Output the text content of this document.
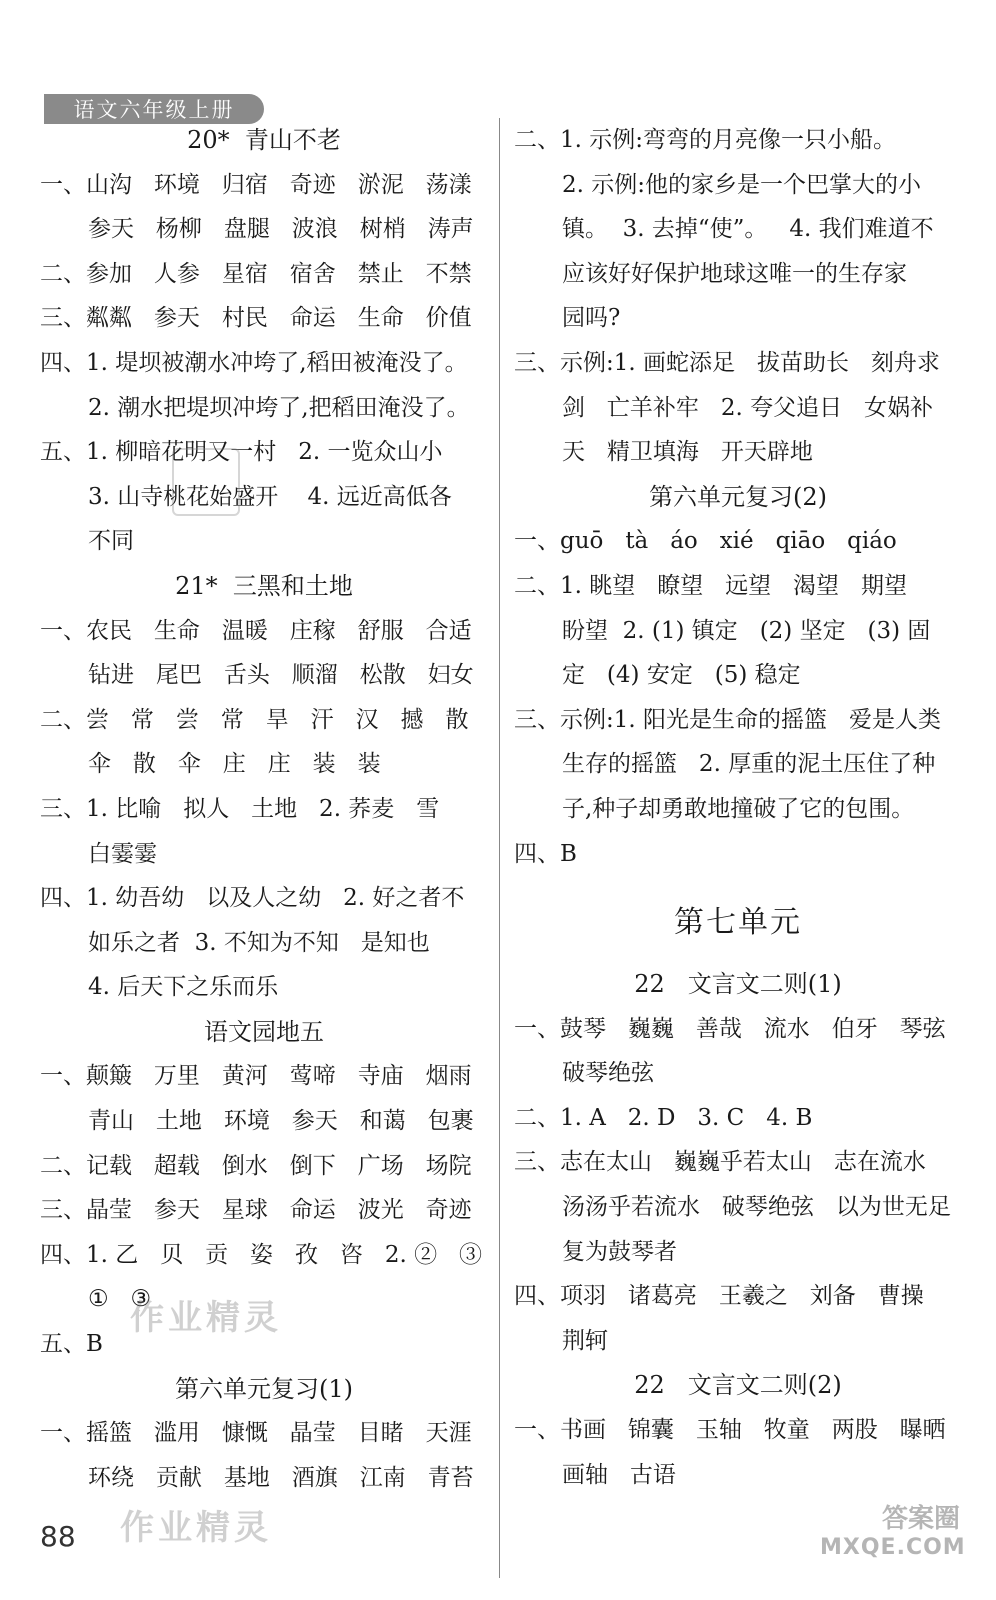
语文六年级上册
20*  青山不老
一、山沟   环境   归宿   奇迹   淤泥   荡漾
参天   杨柳   盘腿   波浪   树梢   涛声
二、参加   人参   星宿   宿舍   禁止   不禁
三、粼粼   参天   村民   命运   生命   价值
四、1. 堤坝被潮水冲垮了,稻田被淹没了。
2. 潮水把堤坝冲垮了,把稻田淹没了。
五、1. 柳暗花明又一村   2. 一览众山小
3. 山寺桃花始盛开    4. 远近高低各
不同
21*  三黑和土地
一、农民   生命   温暖   庄稼   舒服   合适
钻进   尾巴   舌头   顺溜   松散   妇女
二、尝   常   尝   常   旱   汗   汉   撼   散
伞   散   伞   庄   庄   装   装
三、1. 比喻   拟人   土地   2. 荞麦   雪
白霎霎
四、1. 幼吾幼   以及人之幼   2. 好之者不
如乐之者  3. 不知为不知   是知也
4. 后天下之乐而乐
语文园地五
一、颠簸   万里   黄河   莺啼   寺庙   烟雨
青山   土地   环境   参天   和蔼   包裹
二、记载   超载   倒水   倒下   广场   场院
三、晶莹   参天   星球   命运   波光   奇迹
四、1. 乙   贝   贡   姿   孜   咨   2. ②   ③
①   ③
五、B
第六单元复习(1)
一、摇篮   滥用   慷慨   晶莹   目睹   天涯
环绕   贡献   基地   酒旗   江南   青苔
二、1. 示例:弯弯的月亮像一只小船。
2. 示例:他的家乡是一个巴掌大的小
镇。  3. 去掉“使”。   4. 我们难道不
应该好好保护地球这唯一的生存家
园吗?
三、示例:1. 画蛇添足   拔苗助长   刻舟求
剑   亡羊补牢   2. 夸父追日   女娲补
天   精卫填海   开天辟地
第六单元复习(2)
一、guō   tà   áo   xié   qiāo   qiáo
二、1. 眺望   瞭望   远望   渴望   期望
盼望  2. (1) 镇定   (2) 坚定   (3) 固
定   (4) 安定   (5) 稳定
三、示例:1. 阳光是生命的摇篮   爱是人类
生存的摇篮   2. 厚重的泥土压住了种
子,种子却勇敢地撞破了它的包围。
四、B
第七单元
22   文言文二则(1)
一、鼓琴   巍巍   善哉   流水   伯牙   琴弦
破琴绝弦
二、1. A   2. D   3. C   4. B
三、志在太山   巍巍乎若太山   志在流水
汤汤乎若流水   破琴绝弦   以为世无足
复为鼓琴者
四、项羽   诸葛亮   王羲之   刘备   曹操
荆轲
22   文言文二则(2)
一、书画   锦囊   玉轴   牧童   两股   曝晒
画轴   古语
作业精灵
作业精灵	答案圈
MXQE.COM
88
